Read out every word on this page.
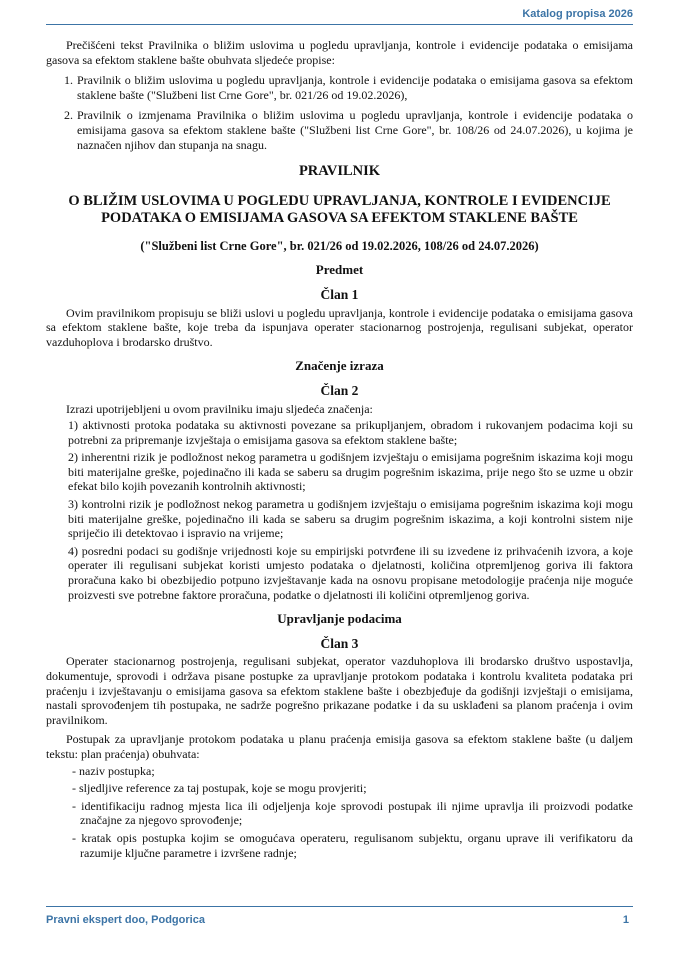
Katalog propisa 2026

Prečišćeni tekst Pravilnika o bližim uslovima u pogledu upravljanja, kontrole i evidencije podataka o emisijama gasova sa efektom staklene bašte obuhvata sljedeće propise:

1. Pravilnik o bližim uslovima u pogledu upravljanja, kontrole i evidencije podataka o emisijama gasova sa efektom staklene bašte ("Službeni list Crne Gore", br. 021/26 od 19.02.2026),
2. Pravilnik o izmjenama Pravilnika o bližim uslovima u pogledu upravljanja, kontrole i evidencije podataka o emisijama gasova sa efektom staklene bašte ("Službeni list Crne Gore", br. 108/26 od 24.07.2026), u kojima je naznačen njihov dan stupanja na snagu.

PRAVILNIK

O BLIŽIM USLOVIMA U POGLEDU UPRAVLJANJA, KONTROLE I EVIDENCIJE PODATAKA O EMISIJAMA GASOVA SA EFEKTOM STAKLENE BAŠTE

("Službeni list Crne Gore", br. 021/26 od 19.02.2026, 108/26 od 24.07.2026)

Predmet

Član 1

Ovim pravilnikom propisuju se bliži uslovi u pogledu upravljanja, kontrole i evidencije podataka o emisijama gasova sa efektom staklene bašte, koje treba da ispunjava operater stacionarnog postrojenja, regulisani subjekat, operator vazduhoplova i brodarsko društvo.

Značenje izraza

Član 2

Izrazi upotrijebljeni u ovom pravilniku imaju sljedeća značenja:

1) aktivnosti protoka podataka su aktivnosti povezane sa prikupljanjem, obradom i rukovanjem podacima koji su potrebni za pripremanje izvještaja o emisijama gasova sa efektom staklene bašte;
2) inherentni rizik je podložnost nekog parametra u godišnjem izvještaju o emisijama pogrešnim iskazima koji mogu biti materijalne greške, pojedinačno ili kada se saberu sa drugim pogrešnim iskazima, prije nego što se uzme u obzir efekat bilo kojih povezanih kontrolnih aktivnosti;
3) kontrolni rizik je podložnost nekog parametra u godišnjem izvještaju o emisijama pogrešnim iskazima koji mogu biti materijalne greške, pojedinačno ili kada se saberu sa drugim pogrešnim iskazima, a koji kontrolni sistem nije spriječio ili detektovao i ispravio na vrijeme;
4) posredni podaci su godišnje vrijednosti koje su empirijski potvrđene ili su izvedene iz prihvaćenih izvora, a koje operater ili regulisani subjekat koristi umjesto podataka o djelatnosti, količina otpremljenog goriva ili faktora proračuna kako bi obezbijedio potpuno izvještavanje kada na osnovu propisane metodologije praćenja nije moguće proizvesti sve potrebne faktore proračuna, podatke o djelatnosti ili količini otpremljenog goriva.

Upravljanje podacima

Član 3

Operater stacionarnog postrojenja, regulisani subjekat, operator vazduhoplova ili brodarsko društvo uspostavlja, dokumentuje, sprovodi i održava pisane postupke za upravljanje protokom podataka i kontrolu kvaliteta podataka pri praćenju i izvještavanju o emisijama gasova sa efektom staklene bašte i obezbjeđuje da godišnji izvještaji o emisijama, nastali sprovođenjem tih postupaka, ne sadrže pogrešno prikazane podatke i da su usklađeni sa planom praćenja i ovim pravilnikom.

Postupak za upravljanje protokom podataka u planu praćenja emisija gasova sa efektom staklene bašte (u daljem tekstu: plan praćenja) obuhvata:

- naziv postupka;

- sljedljive reference za taj postupak, koje se mogu provjeriti;

- identifikaciju radnog mjesta lica ili odjeljenja koje sprovodi postupak ili njime upravlja ili proizvodi podatke značajne za njegovo sprovođenje;

- kratak opis postupka kojim se omogućava operateru, regulisanom subjektu, organu uprave ili verifikatoru da razumije ključne parametre i izvršene radnje;

Pravni ekspert doo, Podgorica	1
